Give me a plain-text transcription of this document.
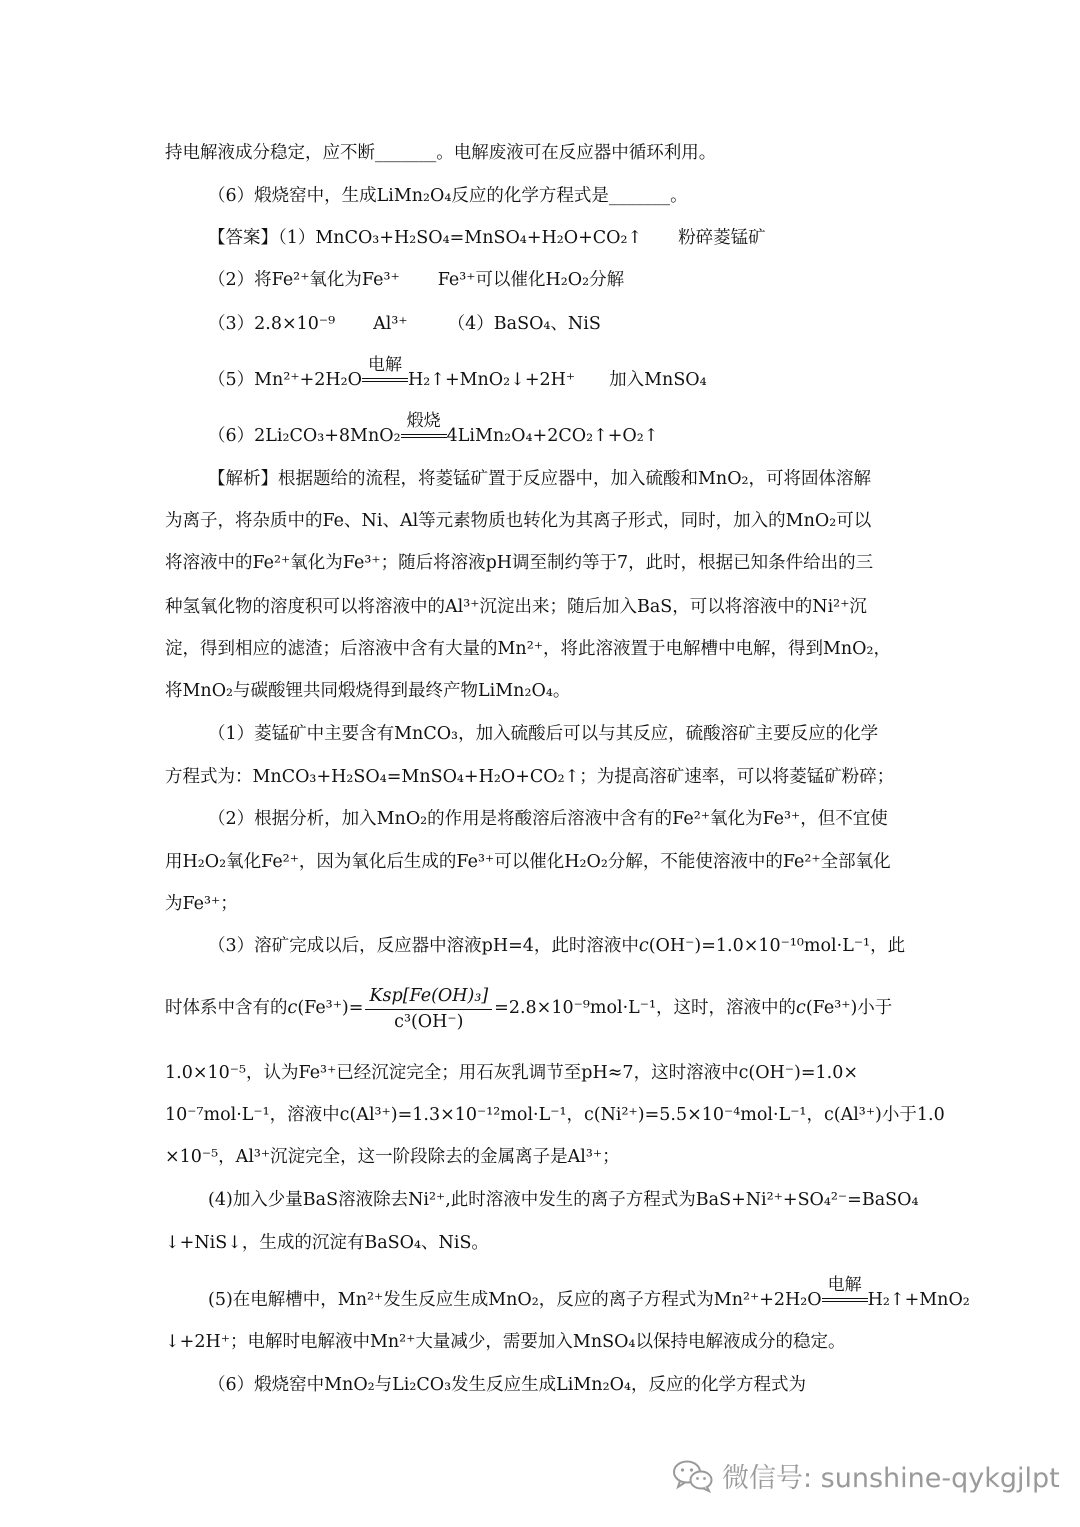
持电解液成分稳定，应不断_______。电解废液可在反应器中循环利用。
（6）煅烧窑中，生成LiMn₂O₄反应的化学方程式是_______。
【答案】（1）MnCO₃+H₂SO₄=MnSO₄+H₂O+CO₂↑ 粉碎菱锰矿
（2）将Fe²⁺氧化为Fe³⁺ Fe³⁺可以催化H₂O₂分解
（3）2.8×10⁻⁹ Al³⁺ （4）BaSO₄、NiS
（5）Mn²⁺+2H₂O
电解
H₂↑+MnO₂↓+2H⁺ 加入MnSO₄
（6）2Li₂CO₃+8MnO₂
煅烧
4LiMn₂O₄+2CO₂↑+O₂↑
【解析】根据题给的流程，将菱锰矿置于反应器中，加入硫酸和MnO₂，可将固体溶解
为离子，将杂质中的Fe、Ni、Al等元素物质也转化为其离子形式，同时，加入的MnO₂可以
将溶液中的Fe²⁺氧化为Fe³⁺；随后将溶液pH调至制约等于7，此时，根据已知条件给出的三
种氢氧化物的溶度积可以将溶液中的Al³⁺沉淀出来；随后加入BaS，可以将溶液中的Ni²⁺沉
淀，得到相应的滤渣；后溶液中含有大量的Mn²⁺，将此溶液置于电解槽中电解，得到MnO₂，
将MnO₂与碳酸锂共同煅烧得到最终产物LiMn₂O₄。
（1）菱锰矿中主要含有MnCO₃，加入硫酸后可以与其反应，硫酸溶矿主要反应的化学
方程式为：MnCO₃+H₂SO₄=MnSO₄+H₂O+CO₂↑；为提高溶矿速率，可以将菱锰矿粉碎；
（2）根据分析，加入MnO₂的作用是将酸溶后溶液中含有的Fe²⁺氧化为Fe³⁺，但不宜使
用H₂O₂氧化Fe²⁺，因为氧化后生成的Fe³⁺可以催化H₂O₂分解，不能使溶液中的Fe²⁺全部氧化
为Fe³⁺；
（3）溶矿完成以后，反应器中溶液pH=4，此时溶液中c(OH⁻)=1.0×10⁻¹⁰mol·L⁻¹，此
时体系中含有的$c(Fe^{3+})= \frac{\text{Ksp[Fe(OH)₃]}}{\text{c³(OH⁻)}} =2.8\times 10^{-9}mol\cdot L^{-1}$，这时，溶液中的c(Fe³⁺)小于
1.0×10⁻⁵，认为Fe³⁺已经沉淀完全；用石灰乳调节至pH≈7，这时溶液中c(OH⁻)=1.0×
10⁻⁷mol·L⁻¹，溶液中c(Al³⁺)=1.3×10⁻¹²mol·L⁻¹，c(Ni²⁺)=5.5×10⁻⁴mol·L⁻¹，c(Al³⁺)小于1.0
×10⁻⁵，Al³⁺沉淀完全，这一阶段除去的金属离子是Al³⁺；
(4)加入少量BaS溶液除去Ni²⁺,此时溶液中发生的离子方程式为BaS+Ni²⁺+SO₄²⁻=BaSO₄
↓+NiS↓，生成的沉淀有BaSO₄、NiS。
(5)在电解槽中，Mn²⁺发生反应生成MnO₂，反应的离子方程式为Mn²⁺+2H₂O
电解
H₂↑+MnO₂
↓+2H⁺；电解时电解液中Mn²⁺大量减少，需要加入MnSO₄以保持电解液成分的稳定。
（6）煅烧窑中MnO₂与Li₂CO₃发生反应生成LiMn₂O₄，反应的化学方程式为
微信号: sunshine-qykgjlpt
